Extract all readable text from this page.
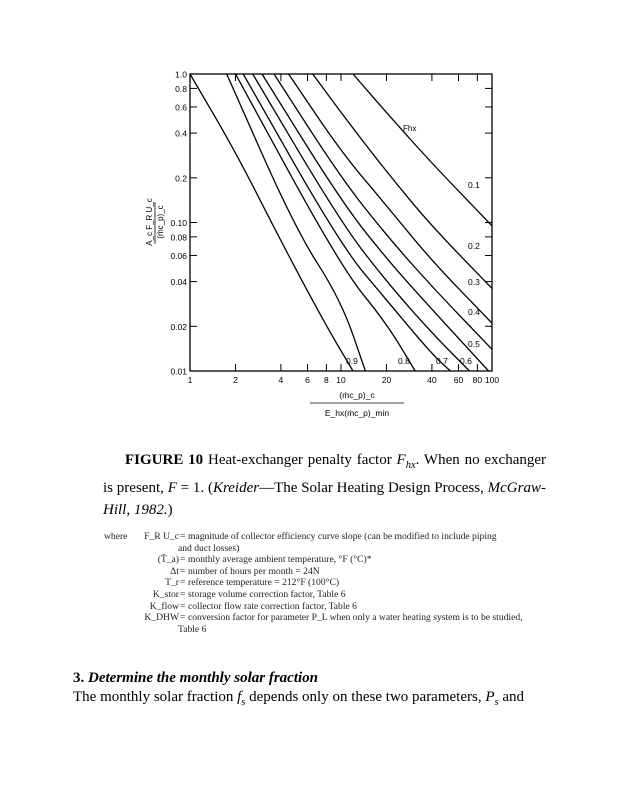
0.01
0.02
0.04
0.06
0.08
0.10
0.2
0.4
0.6
0.8
1.0
1	2	4	6 8 10	20	40 60 80 100
0.1
0.2
0.3
0.4
0.5
0.6
0.7
0.8
0.9
Fhx
A_c F_R U_c (ṁc_p)_c
(ṁc_p)_c
E_hx(ṁc_p)_min
FIGURE 10 Heat-exchanger penalty factor $F_{hx}$. When no exchanger is present, F = 1. (Kreider—The Solar Heating Design Process, McGraw-Hill, 1982.)
where F_R U_c = magnitude of collector efficiency curve slope (can be modified to include piping
and duct losses)
(T̄_a) = monthly average ambient temperature, °F (°C)*
Δt = number of hours per month = 24N
T_r = reference temperature = 212°F (100°C)
K_stor = storage volume correction factor, Table 6
K_flow = collector flow rate correction factor, Table 6
K_DHW = conversion factor for parameter P_L when only a water heating system is to be studied,
Table 6
3. Determine the monthly solar fraction
The monthly solar fraction $f_s$ depends only on these two parameters, $P_s$ and
